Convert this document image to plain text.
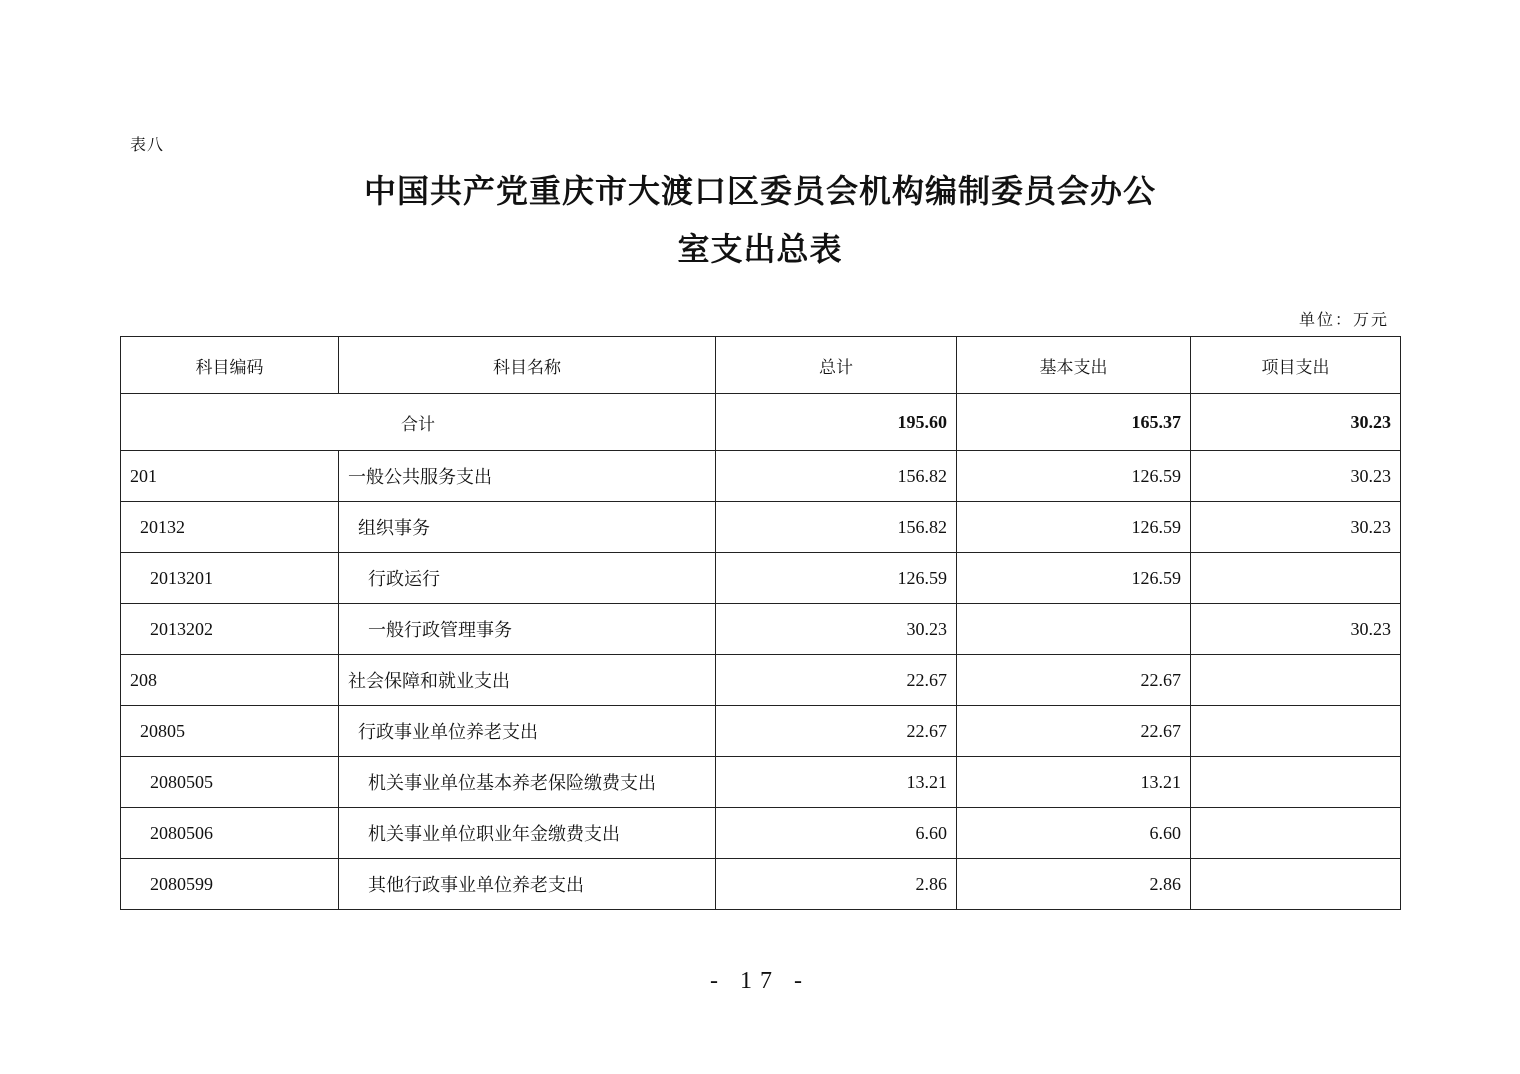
表八
中国共产党重庆市大渡口区委员会机构编制委员会办公
室支出总表
单位：万元
科目编码	科目名称	总计	基本支出	项目支出
合计		195.60	165.37	30.23
201	一般公共服务支出	156.82	126.59	30.23
20132	组织事务	156.82	126.59	30.23
2013201	行政运行	126.59	126.59	
2013202	一般行政管理事务	30.23		30.23
208	社会保障和就业支出	22.67	22.67	
20805	行政事业单位养老支出	22.67	22.67	
2080505	机关事业单位基本养老保险缴费支出	13.21	13.21	
2080506	机关事业单位职业年金缴费支出	6.60	6.60	
2080599	其他行政事业单位养老支出	2.86	2.86	
- 17 -
